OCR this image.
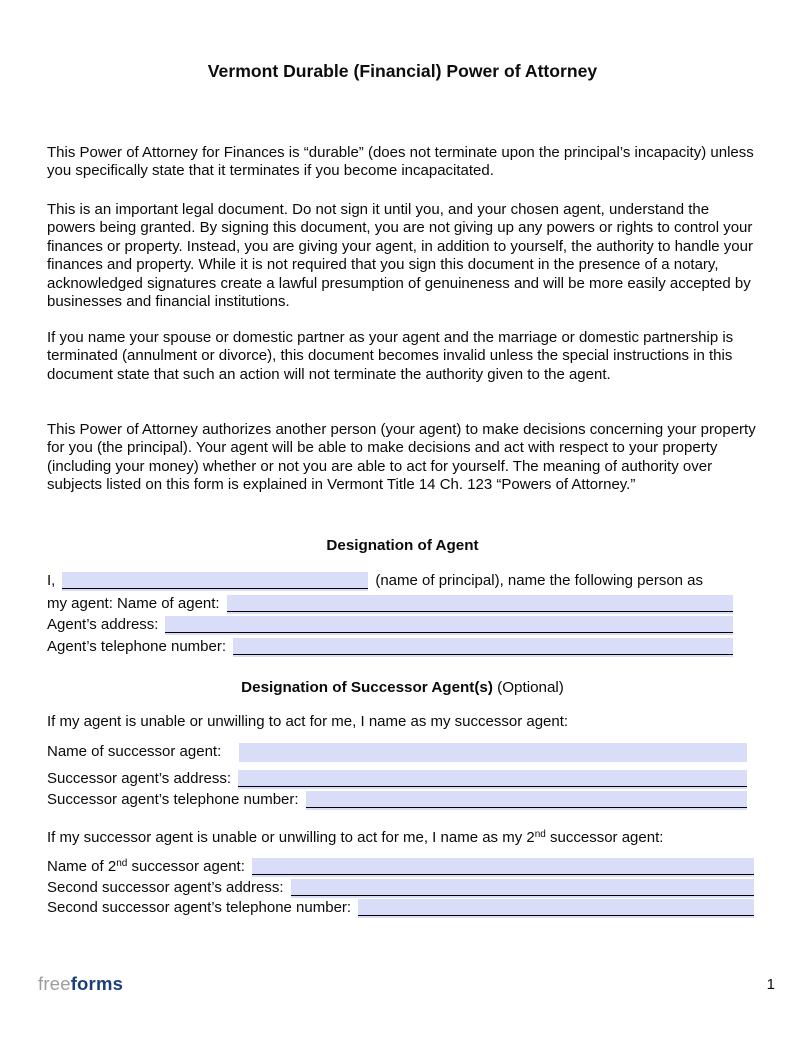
Vermont Durable (Financial) Power of Attorney
This Power of Attorney for Finances is “durable” (does not terminate upon the principal’s incapacity) unless you specifically state that it terminates if you become incapacitated.
This is an important legal document. Do not sign it until you, and your chosen agent, understand the powers being granted. By signing this document, you are not giving up any powers or rights to control your finances or property. Instead, you are giving your agent, in addition to yourself, the authority to handle your finances and property. While it is not required that you sign this document in the presence of a notary, acknowledged signatures create a lawful presumption of genuineness and will be more easily accepted by businesses and financial institutions.
If you name your spouse or domestic partner as your agent and the marriage or domestic partnership is terminated (annulment or divorce), this document becomes invalid unless the special instructions in this document state that such an action will not terminate the authority given to the agent.
This Power of Attorney authorizes another person (your agent) to make decisions concerning your property for you (the principal). Your agent will be able to make decisions and act with respect to your property (including your money) whether or not you are able to act for yourself. The meaning of authority over subjects listed on this form is explained in Vermont Title 14 Ch. 123 “Powers of Attorney.”
Designation of Agent
I,	(name of principal), name the following person as
my agent: Name of agent:
Agent’s address:
Agent’s telephone number:
Designation of Successor Agent(s) (Optional)
If my agent is unable or unwilling to act for me, I name as my successor agent:
Name of successor agent:
Successor agent’s address:
Successor agent’s telephone number:
If my successor agent is unable or unwilling to act for me, I name as my 2nd successor agent:
Name of 2nd successor agent:
Second successor agent’s address:
Second successor agent’s telephone number:
freeforms	1
